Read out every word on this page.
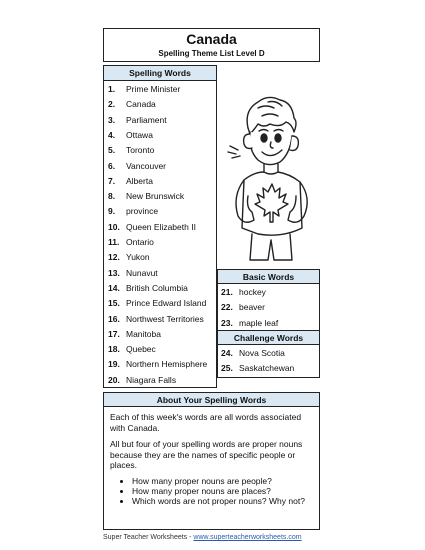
Canada
Spelling Theme List Level D
Spelling Words
1. Prime Minister
2. Canada
3. Parliament
4. Ottawa
5. Toronto
6. Vancouver
7. Alberta
8. New Brunswick
9. province
10. Queen Elizabeth II
11. Ontario
12. Yukon
13. Nunavut
14. British Columbia
15. Prince Edward Island
16. Northwest Territories
17. Manitoba
18. Quebec
19. Northern Hemisphere
20. Niagara Falls
Basic Words
21. hockey
22. beaver
23. maple leaf
Challenge Words
24. Nova Scotia
25. Saskatchewan
About Your Spelling Words
Each of this week's words are all words associated with Canada.
All but four of your spelling words are proper nouns because they are the names of specific people or places.
• How many proper nouns are people?
• How many proper nouns are places?
• Which words are not proper nouns? Why not?
Super Teacher Worksheets - www.superteacherworksheets.com
